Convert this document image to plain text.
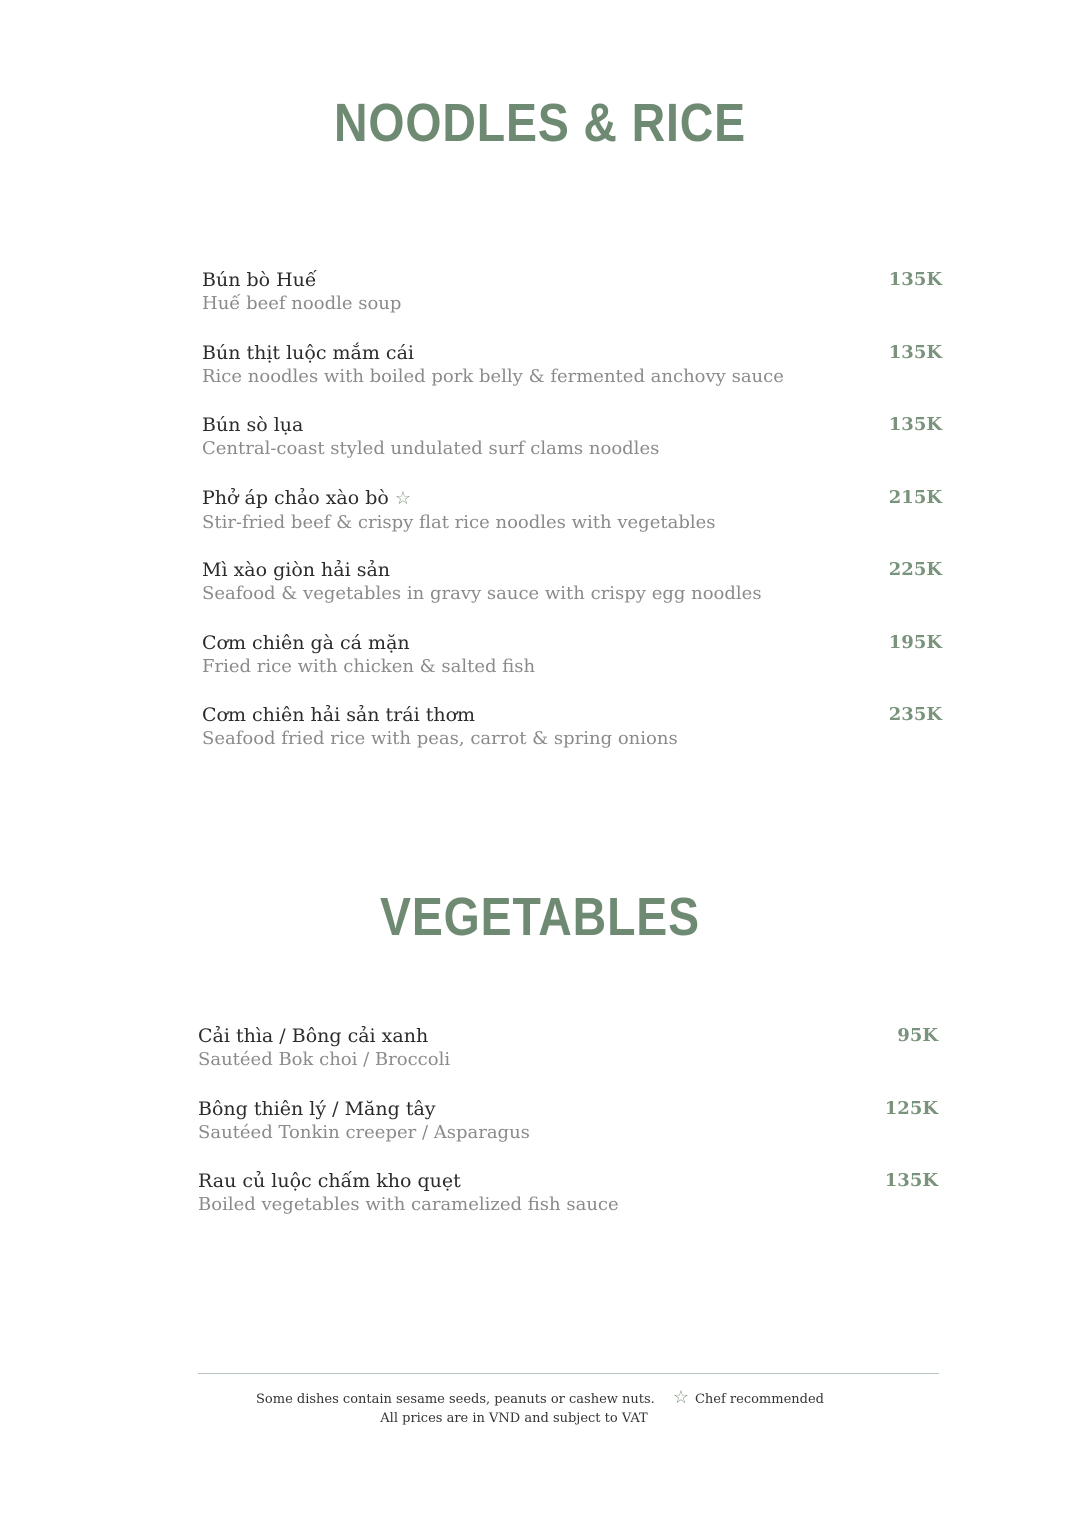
NOODLES & RICE
Bún bò Huế
Huế beef noodle soup
135K
Bún thịt luộc mắm cái
Rice noodles with boiled pork belly & fermented anchovy sauce
135K
Bún sò lụa
Central-coast styled undulated surf clams noodles
135K
Phở áp chảo xào bò ☆
Stir-fried beef & crispy flat rice noodles with vegetables
215K
Mì xào giòn hải sản
Seafood & vegetables in gravy sauce with crispy egg noodles
225K
Cơm chiên gà cá mặn
Fried rice with chicken & salted fish
195K
Cơm chiên hải sản trái thơm
Seafood fried rice with peas, carrot & spring onions
235K
VEGETABLES
Cải thìa / Bông cải xanh
Sautéed Bok choi / Broccoli
95K
Bông thiên lý / Măng tây
Sautéed Tonkin creeper / Asparagus
125K
Rau củ luộc chấm kho quẹt
Boiled vegetables with caramelized fish sauce
135K
Some dishes contain sesame seeds, peanuts or cashew nuts. ☆ Chef recommended
All prices are in VND and subject to VAT
